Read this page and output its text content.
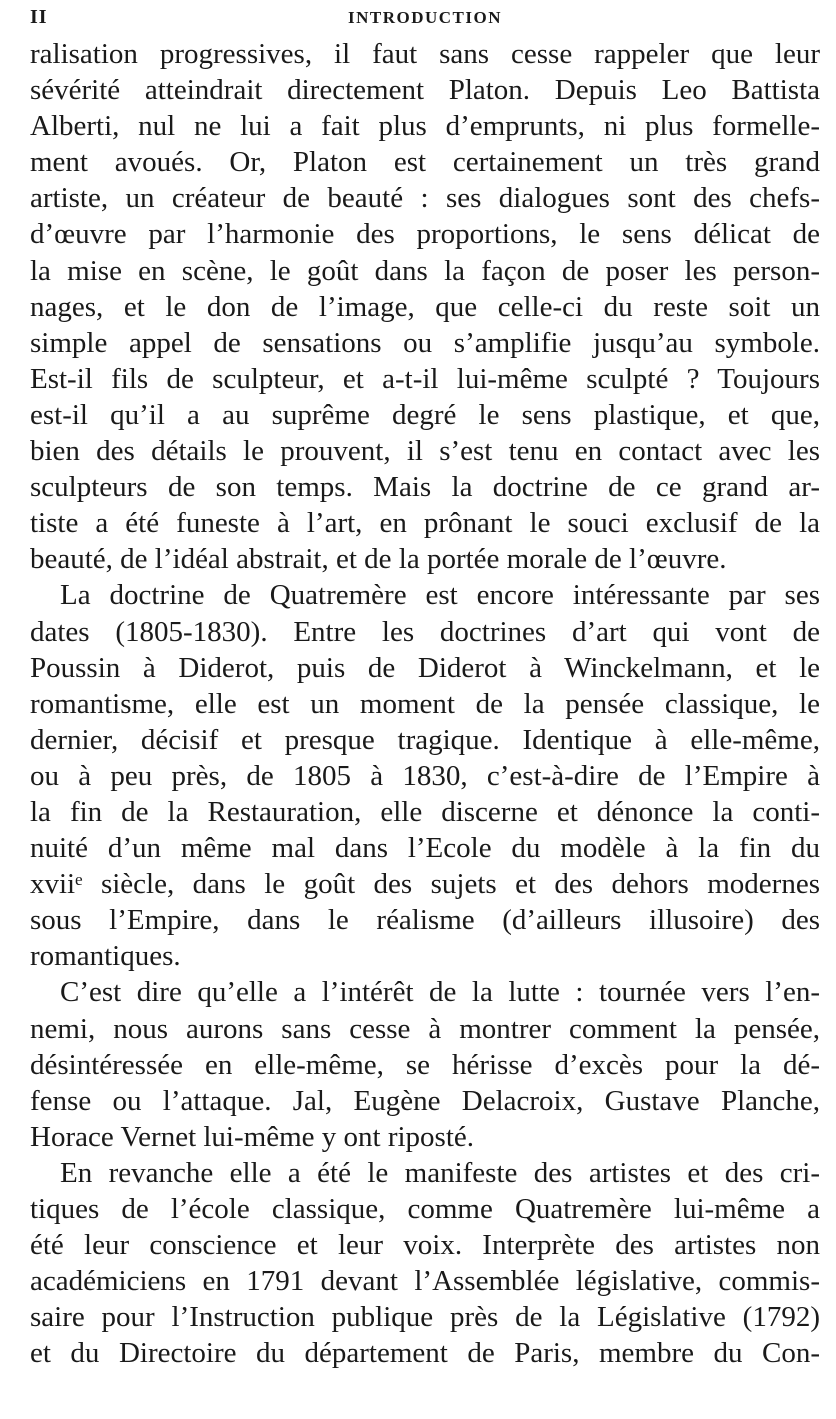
II	INTRODUCTION
ralisation progressives, il faut sans cesse rappeler que leur
sévérité atteindrait directement Platon. Depuis Leo Battista
Alberti, nul ne lui a fait plus d’emprunts, ni plus formelle-
ment avoués. Or, Platon est certainement un très grand
artiste, un créateur de beauté : ses dialogues sont des chefs-
d’œuvre par l’harmonie des proportions, le sens délicat de
la mise en scène, le goût dans la façon de poser les person-
nages, et le don de l’image, que celle-ci du reste soit un
simple appel de sensations ou s’amplifie jusqu’au symbole.
Est-il fils de sculpteur, et a-t-il lui-même sculpté ? Toujours
est-il qu’il a au suprême degré le sens plastique, et que,
bien des détails le prouvent, il s’est tenu en contact avec les
sculpteurs de son temps. Mais la doctrine de ce grand ar-
tiste a été funeste à l’art, en prônant le souci exclusif de la
beauté, de l’idéal abstrait, et de la portée morale de l’œuvre.
La doctrine de Quatremère est encore intéressante par ses
dates (1805-1830). Entre les doctrines d’art qui vont de
Poussin à Diderot, puis de Diderot à Winckelmann, et le
romantisme, elle est un moment de la pensée classique, le
dernier, décisif et presque tragique. Identique à elle-même,
ou à peu près, de 1805 à 1830, c’est-à-dire de l’Empire à
la fin de la Restauration, elle discerne et dénonce la conti-
nuité d’un même mal dans l’Ecole du modèle à la fin du
xviiᵉ siècle, dans le goût des sujets et des dehors modernes
sous l’Empire, dans le réalisme (d’ailleurs illusoire) des
romantiques.
C’est dire qu’elle a l’intérêt de la lutte : tournée vers l’en-
nemi, nous aurons sans cesse à montrer comment la pensée,
désintéressée en elle-même, se hérisse d’excès pour la dé-
fense ou l’attaque. Jal, Eugène Delacroix, Gustave Planche,
Horace Vernet lui-même y ont riposté.
En revanche elle a été le manifeste des artistes et des cri-
tiques de l’école classique, comme Quatremère lui-même a
été leur conscience et leur voix. Interprète des artistes non
académiciens en 1791 devant l’Assemblée législative, commis-
saire pour l’Instruction publique près de la Législative (1792)
et du Directoire du département de Paris, membre du Con-
